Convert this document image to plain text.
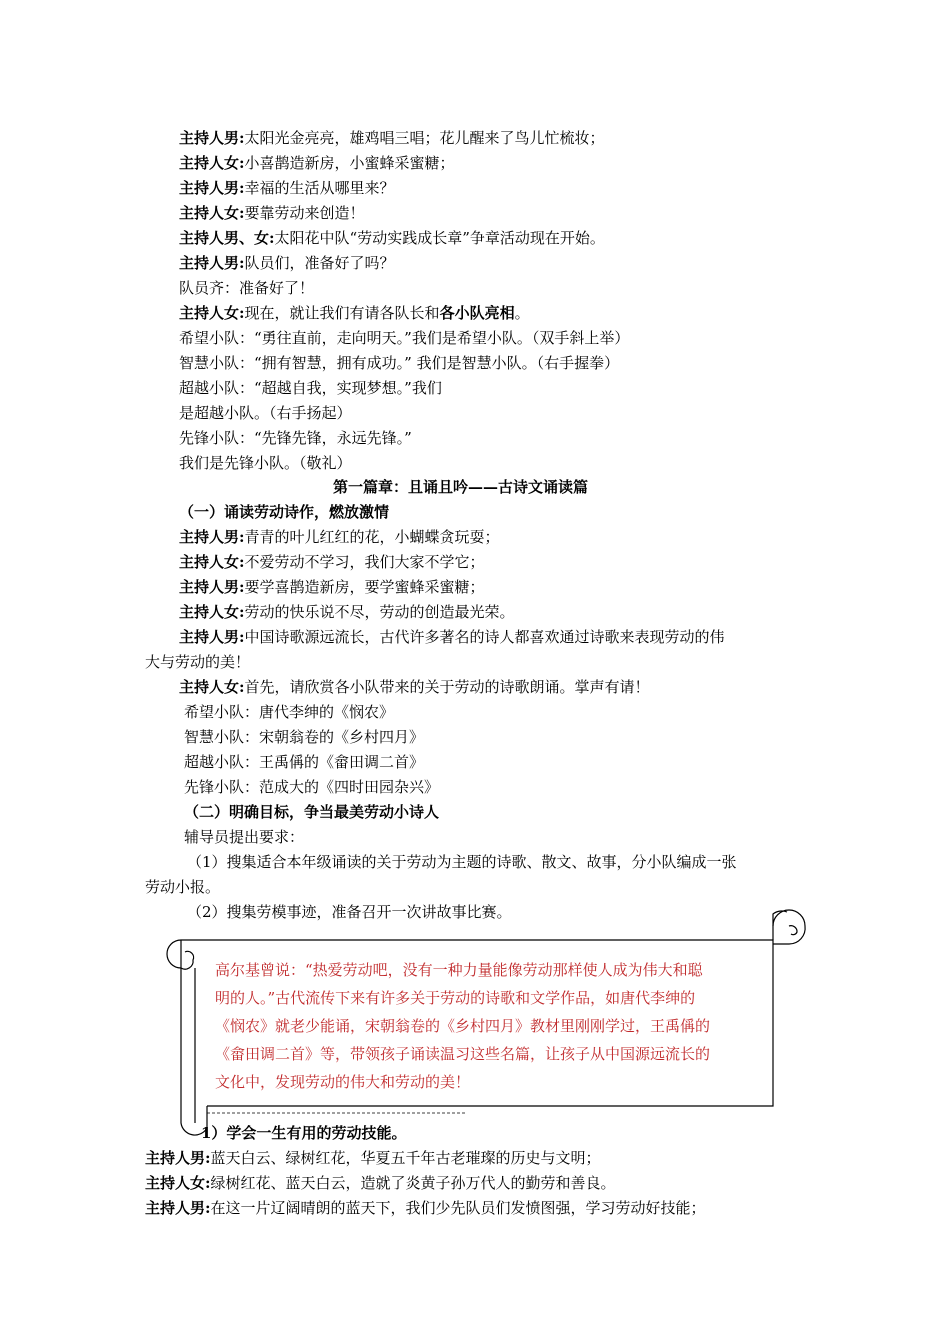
主持人男:太阳光金亮亮，雄鸡唱三唱；花儿醒来了鸟儿忙梳妆；
主持人女:小喜鹊造新房，小蜜蜂采蜜糖；
主持人男:幸福的生活从哪里来？
主持人女:要靠劳动来创造！
主持人男、女:太阳花中队“劳动实践成长章”争章活动现在开始。
主持人男:队员们，准备好了吗？
队员齐：准备好了！
主持人女:现在，就让我们有请各队长和各小队亮相。
希望小队：“勇往直前，走向明天。”我们是希望小队。（双手斜上举）
智慧小队：“拥有智慧，拥有成功。” 我们是智慧小队。（右手握拳）
超越小队：“超越自我，实现梦想。”我们
是超越小队。（右手扬起）
先锋小队：“先锋先锋，永远先锋。”
我们是先锋小队。（敬礼）
第一篇章：且诵且吟——古诗文诵读篇
（一）诵读劳动诗作，燃放激情
主持人男:青青的叶儿红红的花，小蝴蝶贪玩耍；
主持人女:不爱劳动不学习，我们大家不学它；
主持人男:要学喜鹊造新房，要学蜜蜂采蜜糖；
主持人女:劳动的快乐说不尽，劳动的创造最光荣。
主持人男:中国诗歌源远流长，古代许多著名的诗人都喜欢通过诗歌来表现劳动的伟
大与劳动的美！
主持人女:首先，请欣赏各小队带来的关于劳动的诗歌朗诵。掌声有请！
希望小队：唐代李绅的《悯农》
智慧小队：宋朝翁卷的《乡村四月》
超越小队：王禹偁的《畲田调二首》
先锋小队：范成大的《四时田园杂兴》
（二）明确目标，争当最美劳动小诗人
辅导员提出要求：
（1）搜集适合本年级诵读的关于劳动为主题的诗歌、散文、故事，分小队编成一张
劳动小报。
（2）搜集劳模事迹，准备召开一次讲故事比赛。
高尔基曾说：“热爱劳动吧，没有一种力量能像劳动那样使人成为伟大和聪
明的人。”古代流传下来有许多关于劳动的诗歌和文学作品，如唐代李绅的
《悯农》就老少能诵，宋朝翁卷的《乡村四月》教材里刚刚学过，王禹偁的
《畲田调二首》等，带领孩子诵读温习这些名篇，让孩子从中国源远流长的
文化中，发现劳动的伟大和劳动的美！
1）学会一生有用的劳动技能。
主持人男:蓝天白云、绿树红花，华夏五千年古老璀璨的历史与文明；
主持人女:绿树红花、蓝天白云，造就了炎黄子孙万代人的勤劳和善良。
主持人男:在这一片辽阔晴朗的蓝天下，我们少先队员们发愤图强，学习劳动好技能；
